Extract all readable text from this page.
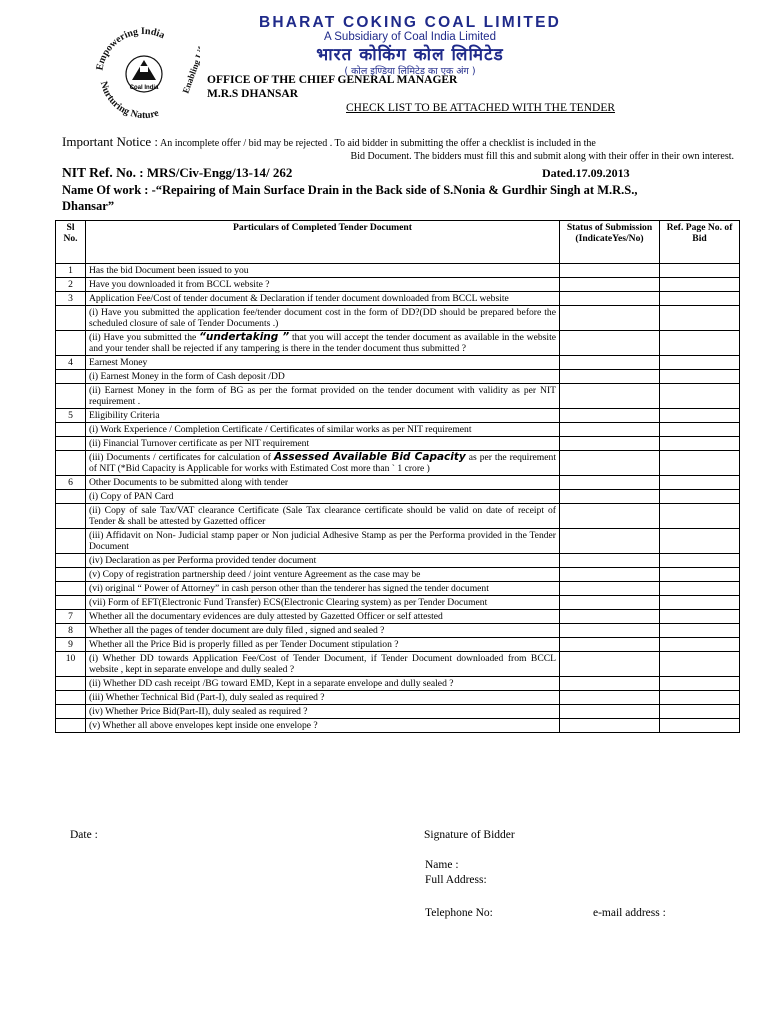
Empowering India
Nurturing Nature
Enabling Life
Coal India
BHARAT COKING COAL LIMITED
A Subsidiary of Coal India Limited
भारत कोकिंग कोल लिमिटेड
( कोल इण्डिया लिमिटेड का एक अंग )
OFFICE OF THE CHIEF GENERAL MANAGER
M.R.S DHANSAR
CHECK LIST TO BE ATTACHED WITH THE TENDER
Important Notice : An incomplete offer / bid may be rejected . To aid bidder in submitting the offer a checklist is included in the
Bid Document. The bidders must fill this and submit along with their offer in their own interest.
NIT Ref. No. : MRS/Civ-Engg/13-14/ 262	Dated.17.09.2013
Name Of work : -“Repairing of Main Surface Drain in the Back side of S.Nonia & Gurdhir Singh at M.R.S.,
Dhansar”
Sl No.	Particulars of Completed Tender Document	Status of Submission (IndicateYes/No)	Ref. Page No. of Bid
1	Has the bid Document been issued to you		
2	Have you downloaded it from BCCL website ?		
3	Application Fee/Cost of tender document & Declaration if tender document downloaded from BCCL website		
	(i) Have you submitted the application fee/tender document cost in the form of DD?(DD should be prepared before the scheduled closure of sale of Tender Documents .)		
	(ii) Have you submitted the “undertaking ” that you will accept the tender document as available in the website and your tender shall be rejected if any tampering is there in the tender document thus submitted ?		
4	Earnest Money		
	(i) Earnest Money in the form of Cash deposit /DD		
	(ii) Earnest Money in the form of BG as per the format provided on the tender document with validity as per NIT requirement .		
5	Eligibility Criteria		
	(i) Work Experience / Completion Certificate / Certificates of similar works as per NIT requirement		
	(ii) Financial Turnover certificate as per NIT requirement		
	(iii) Documents / certificates for calculation of Assessed Available Bid Capacity as per the requirement of NIT (*Bid Capacity is Applicable for works with Estimated Cost more than ` 1 crore )		
6	Other Documents to be submitted along with tender		
	(i) Copy of PAN Card		
	(ii) Copy of sale Tax/VAT clearance Certificate (Sale Tax clearance certificate should be valid on date of receipt of Tender & shall be attested by Gazetted officer		
	(iii) Affidavit on Non- Judicial stamp paper or Non judicial Adhesive Stamp as per the Performa provided in the Tender Document		
	(iv) Declaration as per Performa provided tender document		
	(v) Copy of registration partnership deed / joint venture Agreement as the case may be		
	(vi) original “ Power of Attorney” in cash person other than the tenderer has signed the tender document		
	(vii) Form of EFT(Electronic Fund Transfer) ECS(Electronic Clearing system) as per Tender Document		
7	Whether all the documentary evidences are duly attested by Gazetted Officer or self attested		
8	Whether all the pages of tender document are duly filed , signed and sealed ?		
9	Whether all the Price Bid is properly filled as per Tender Document stipulation ?		
10	(i) Whether DD towards Application Fee/Cost of Tender Document, if Tender Document downloaded from BCCL website , kept in separate envelope and dully sealed ?		
	(ii) Whether DD cash receipt /BG toward EMD, Kept in a separate envelope and dully sealed ?		
	(iii) Whether Technical Bid (Part-I), duly sealed as required ?		
	(iv) Whether Price Bid(Part-II), duly sealed as required ?		
	(v) Whether all above envelopes kept inside one envelope ?		
Date :	Signature of Bidder
Name :
Full Address:
Telephone No:	e-mail address :
